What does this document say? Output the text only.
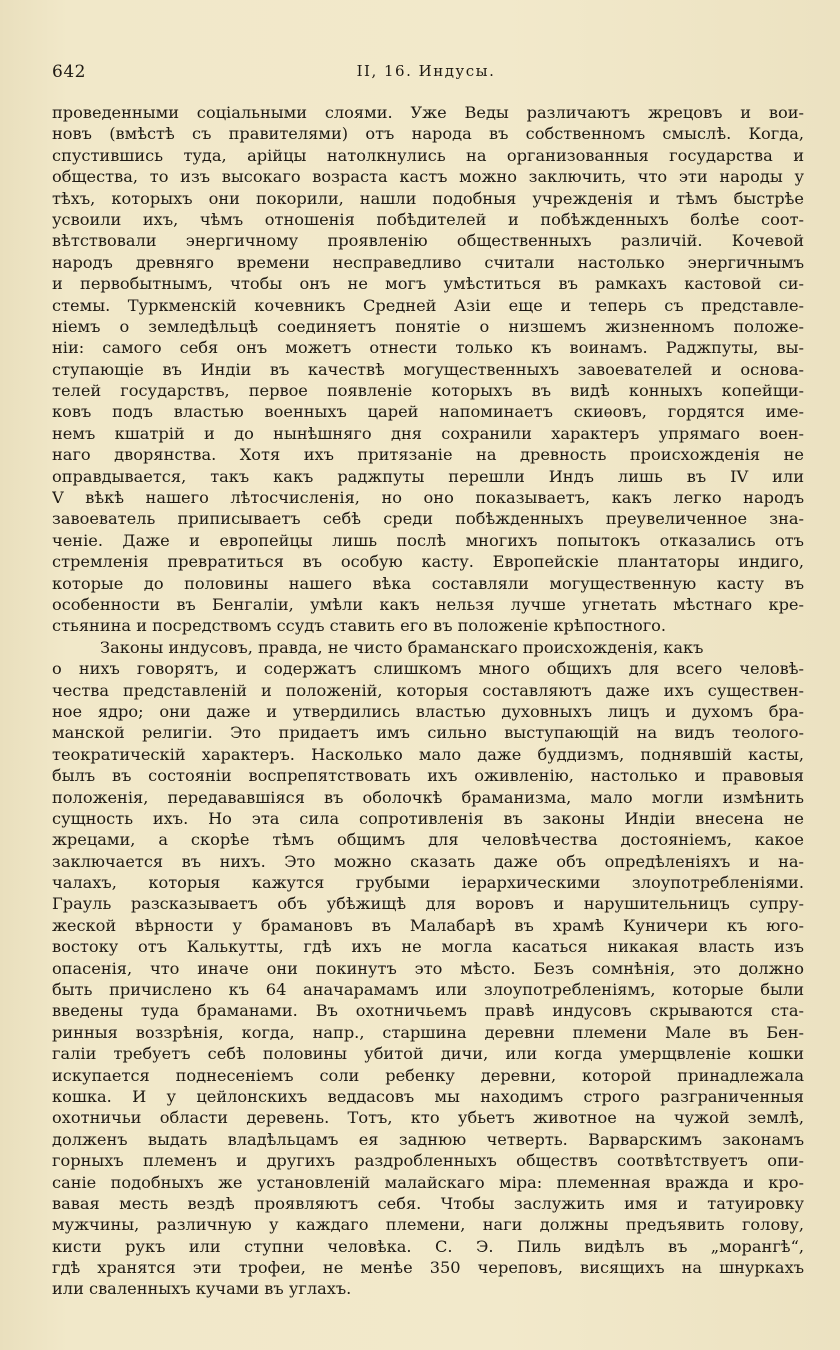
642	II, 16. Индусы.
проведенными соціальными слоями. Уже Веды различаютъ жрецовъ и вои-
новъ (вмѣстѣ съ правителями) отъ народа въ собственномъ смыслѣ. Когда,
спустившись туда, арійцы натолкнулись на организованныя государства и
общества, то изъ высокаго возраста кастъ можно заключить, что эти народы у
тѣхъ, которыхъ они покорили, нашли подобныя учрежденія и тѣмъ быстрѣе
усвоили ихъ, чѣмъ отношенія побѣдителей и побѣжденныхъ болѣе соот-
вѣтствовали энергичному проявленію общественныхъ различій. Кочевой
народъ древняго времени несправедливо считали настолько энергичнымъ
и первобытнымъ, чтобы онъ не могъ умѣститься въ рамкахъ кастовой си-
стемы. Туркменскій кочевникъ Средней Азіи еще и теперь съ представле-
ніемъ о земледѣльцѣ соединяетъ понятіе о низшемъ жизненномъ положе-
ніи: самого себя онъ можетъ отнести только къ воинамъ. Раджпуты, вы-
ступающіе въ Индіи въ качествѣ могущественныхъ завоевателей и основа-
телей государствъ, первое появленіе которыхъ въ видѣ конныхъ копейщи-
ковъ подъ властью военныхъ царей напоминаетъ скиѳовъ, гордятся име-
немъ кшатрій и до нынѣшняго дня сохранили характеръ упрямаго воен-
наго дворянства. Хотя ихъ притязаніе на древность происхожденія не
оправдывается, такъ какъ раджпуты перешли Индъ лишь въ IV или
V вѣкѣ нашего лѣтосчисленія, но оно показываетъ, какъ легко народъ
завоеватель приписываетъ себѣ среди побѣжденныхъ преувеличенное зна-
ченіе. Даже и европейцы лишь послѣ многихъ попытокъ отказались отъ
стремленія превратиться въ особую касту. Европейскіе плантаторы индиго,
которые до половины нашего вѣка составляли могущественную касту въ
особенности въ Бенгаліи, умѣли какъ нельзя лучше угнетать мѣстнаго кре-
стьянина и посредствомъ ссудъ ставить его въ положеніе крѣпостного.
Законы индусовъ, правда, не чисто браманскаго происхожденія, какъ
о нихъ говорятъ, и содержатъ слишкомъ много общихъ для всего человѣ-
чества представленій и положеній, которыя составляютъ даже ихъ существен-
ное ядро; они даже и утвердились властью духовныхъ лицъ и духомъ бра-
манской религіи. Это придаетъ имъ сильно выступающій на видъ теолого-
теократическій характеръ. Насколько мало даже буддизмъ, поднявшій касты,
былъ въ состояніи воспрепятствовать ихъ оживленію, настолько и правовыя
положенія, передававшіяся въ оболочкѣ браманизма, мало могли измѣнить
сущность ихъ. Но эта сила сопротивленія въ законы Индіи внесена не
жрецами, а скорѣе тѣмъ общимъ для человѣчества достояніемъ, какое
заключается въ нихъ. Это можно сказать даже объ опредѣленіяхъ и на-
чалахъ, которыя кажутся грубыми іерархическими злоупотребленіями.
Грауль разсказываетъ объ убѣжищѣ для воровъ и нарушительницъ супру-
жеской вѣрности у брамановъ въ Малабарѣ въ храмѣ Куничери къ юго-
востоку отъ Калькутты, гдѣ ихъ не могла касаться никакая власть изъ
опасенія, что иначе они покинутъ это мѣсто. Безъ сомнѣнія, это должно
быть причислено къ 64 аначарамамъ или злоупотребленіямъ, которые были
введены туда браманами. Въ охотничьемъ правѣ индусовъ скрываются ста-
ринныя воззрѣнія, когда, напр., старшина деревни племени Мале въ Бен-
галіи требуетъ себѣ половины убитой дичи, или когда умерщвленіе кошки
искупается поднесеніемъ соли ребенку деревни, которой принадлежала
кошка. И у цейлонскихъ веддасовъ мы находимъ строго разграниченныя
охотничьи области деревень. Тотъ, кто убьетъ животное на чужой землѣ,
долженъ выдать владѣльцамъ ея заднюю четверть. Варварскимъ законамъ
горныхъ племенъ и другихъ раздробленныхъ обществъ соотвѣтствуетъ опи-
саніе подобныхъ же установленій малайскаго міра: племенная вражда и кро-
вавая месть вездѣ проявляютъ себя. Чтобы заслужить имя и татуировку
мужчины, различную у каждаго племени, наги должны предъявить голову,
кисти рукъ или ступни человѣка. С. Э. Пиль видѣлъ въ „морангѣ“,
гдѣ хранятся эти трофеи, не менѣе 350 череповъ, висящихъ на шнуркахъ
или сваленныхъ кучами въ углахъ.
